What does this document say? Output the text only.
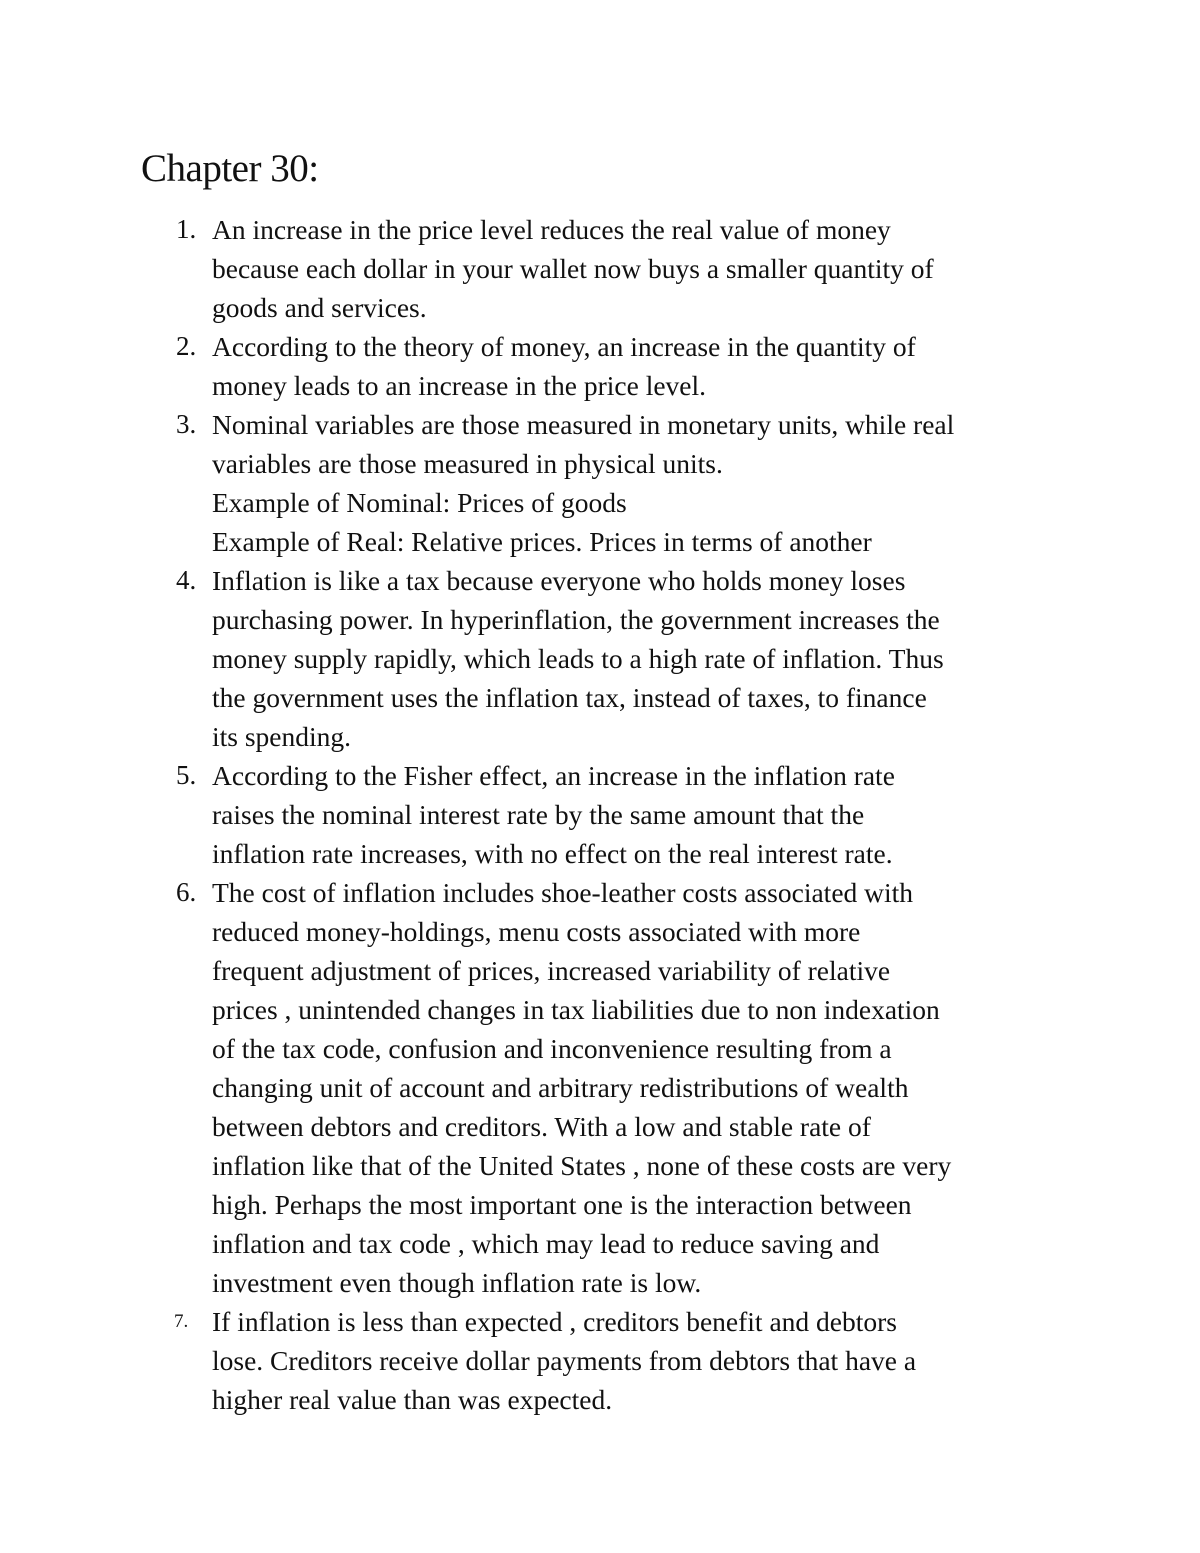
Chapter 30:
1. An increase in the price level reduces the real value of money
because each dollar in your wallet now buys a smaller quantity of
goods and services.
2. According to the theory of money, an increase in the quantity of
money leads to an increase in the price level.
3. Nominal variables are those measured in monetary units, while real
variables are those measured in physical units.
Example of Nominal: Prices of goods
Example of Real: Relative prices. Prices in terms of another
4. Inflation is like a tax because everyone who holds money loses
purchasing power. In hyperinflation, the government increases the
money supply rapidly, which leads to a high rate of inflation. Thus
the government uses the inflation tax, instead of taxes, to finance
its spending.
5. According to the Fisher effect, an increase in the inflation rate
raises the nominal interest rate by the same amount that the
inflation rate increases, with no effect on the real interest rate.
6. The cost of inflation includes shoe-leather costs associated with
reduced money-holdings, menu costs associated with more
frequent adjustment of prices, increased variability of relative
prices , unintended changes in tax liabilities due to non indexation
of the tax code, confusion and inconvenience resulting from a
changing unit of account and arbitrary redistributions of wealth
between debtors and creditors. With a low and stable rate of
inflation like that of the United States , none of these costs are very
high. Perhaps the most important one is the interaction between
inflation and tax code , which may lead to reduce saving and
investment even though inflation rate is low.
7. If inflation is less than expected , creditors benefit and debtors
lose. Creditors receive dollar payments from debtors that have a
higher real value than was expected.
